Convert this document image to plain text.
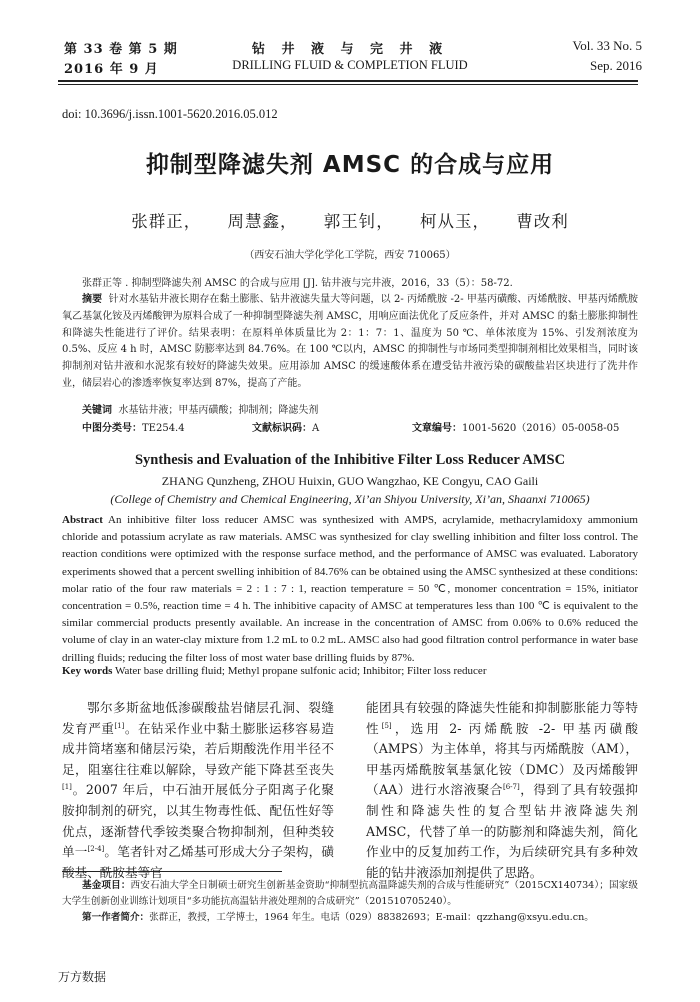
第 33 卷 第 5 期
2016 年 9 月
钻 井 液 与 完 井 液
DRILLING FLUID & COMPLETION FLUID
Vol. 33 No. 5
Sep. 2016
doi: 10.3696/j.issn.1001-5620.2016.05.012
抑制型降滤失剂 AMSC 的合成与应用
张群正， 周慧鑫， 郭王钊， 柯从玉， 曹改利
（西安石油大学化学化工学院，西安 710065）
张群正等 . 抑制型降滤失剂 AMSC 的合成与应用 [J]. 钻井液与完井液，2016，33（5）：58-72.
摘要 针对水基钻井液长期存在黏土膨胀、钻井液滤失量大等问题，以 2- 丙烯酰胺 -2- 甲基丙磺酸、丙烯酰胺、甲基丙烯酰胺氧乙基氯化铵及丙烯酸钾为原料合成了一种抑制型降滤失剂 AMSC，用响应面法优化了反应条件，并对 AMSC 的黏土膨胀抑制性和降滤失性能进行了评价。结果表明：在原料单体质量比为 2：1：7：1、温度为 50 ℃、单体浓度为 15%、引发剂浓度为 0.5%、反应 4 h 时，AMSC 防膨率达到 84.76%。在 100 ℃以内，AMSC 的抑制性与市场同类型抑制剂相比效果相当，同时该抑制剂对钻井液和水泥浆有较好的降滤失效果。应用添加 AMSC 的缓速酸体系在遭受钻井液污染的碳酸盐岩区块进行了洗井作业，储层岩心的渗透率恢复率达到 87%，提高了产能。
关键词 水基钻井液；甲基丙磺酸；抑制剂；降滤失剂
中图分类号：TE254.4	文献标识码：A	文章编号：1001-5620（2016）05-0058-05
Synthesis and Evaluation of the Inhibitive Filter Loss Reducer AMSC
ZHANG Qunzheng, ZHOU Huixin, GUO Wangzhao, KE Congyu, CAO Gaili
(College of Chemistry and Chemical Engineering, Xi’an Shiyou University, Xi’an, Shaanxi 710065)
Abstract An inhibitive filter loss reducer AMSC was synthesized with AMPS, acrylamide, methacrylamidoxy ammonium chloride and potassium acrylate as raw materials. AMSC was synthesized for clay swelling inhibition and filter loss control. The reaction conditions were optimized with the response surface method, and the performance of AMSC was evaluated. Laboratory experiments showed that a percent swelling inhibition of 84.76% can be obtained using the AMSC synthesized at these conditions: molar ratio of the four raw materials = 2 : 1 : 7 : 1, reaction temperature = 50 ℃, monomer concentration = 15%, initiator concentration = 0.5%, reaction time = 4 h. The inhibitive capacity of AMSC at temperatures less than 100 ℃ is equivalent to the similar commercial products presently available. An increase in the concentration of AMSC from 0.06% to 0.6% reduced the volume of clay in an water-clay mixture from 1.2 mL to 0.2 mL. AMSC also had good filtration control performance in water base drilling fluids; reducing the filter loss of most water base drilling fluids by 87%.
Key words Water base drilling fluid; Methyl propane sulfonic acid; Inhibitor; Filter loss reducer
鄂尔多斯盆地低渗碳酸盐岩储层孔洞、裂缝发育严重[1]。在钻采作业中黏土膨胀运移容易造成井筒堵塞和储层污染，若后期酸洗作用半径不足，阻塞往往难以解除，导致产能下降甚至丧失[1]。2007 年后，中石油开展低分子阳离子化聚胺抑制剂的研究，以其生物毒性低、配伍性好等优点，逐渐替代季铵类聚合物抑制剂，但种类较单一[2-4]。笔者针对乙烯基可形成大分子架构，磺酸基、酰胺基等官
能团具有较强的降滤失性能和抑制膨胀能力等特性[5]，选用 2- 丙烯酰胺 -2- 甲基丙磺酸（AMPS）为主体单，将其与丙烯酰胺（AM），甲基丙烯酰胺氧基氯化铵（DMC）及丙烯酸钾（AA）进行水溶液聚合[6-7]，得到了具有较强抑制性和降滤失性的复合型钻井液降滤失剂 AMSC，代替了单一的防膨剂和降滤失剂，简化作业中的反复加药工作，为后续研究具有多种效能的钻井液添加剂提供了思路。
基金项目：西安石油大学全日制硕士研究生创新基金资助“抑制型抗高温降滤失剂的合成与性能研究”（2015CX140734）；国家级大学生创新创业训练计划项目“多功能抗高温钻井液处理剂的合成研究”（201510705240）。
第一作者简介：张群正，教授，工学博士，1964 年生。电话（029）88382693；E-mail：qzzhang@xsyu.edu.cn。
万方数据
